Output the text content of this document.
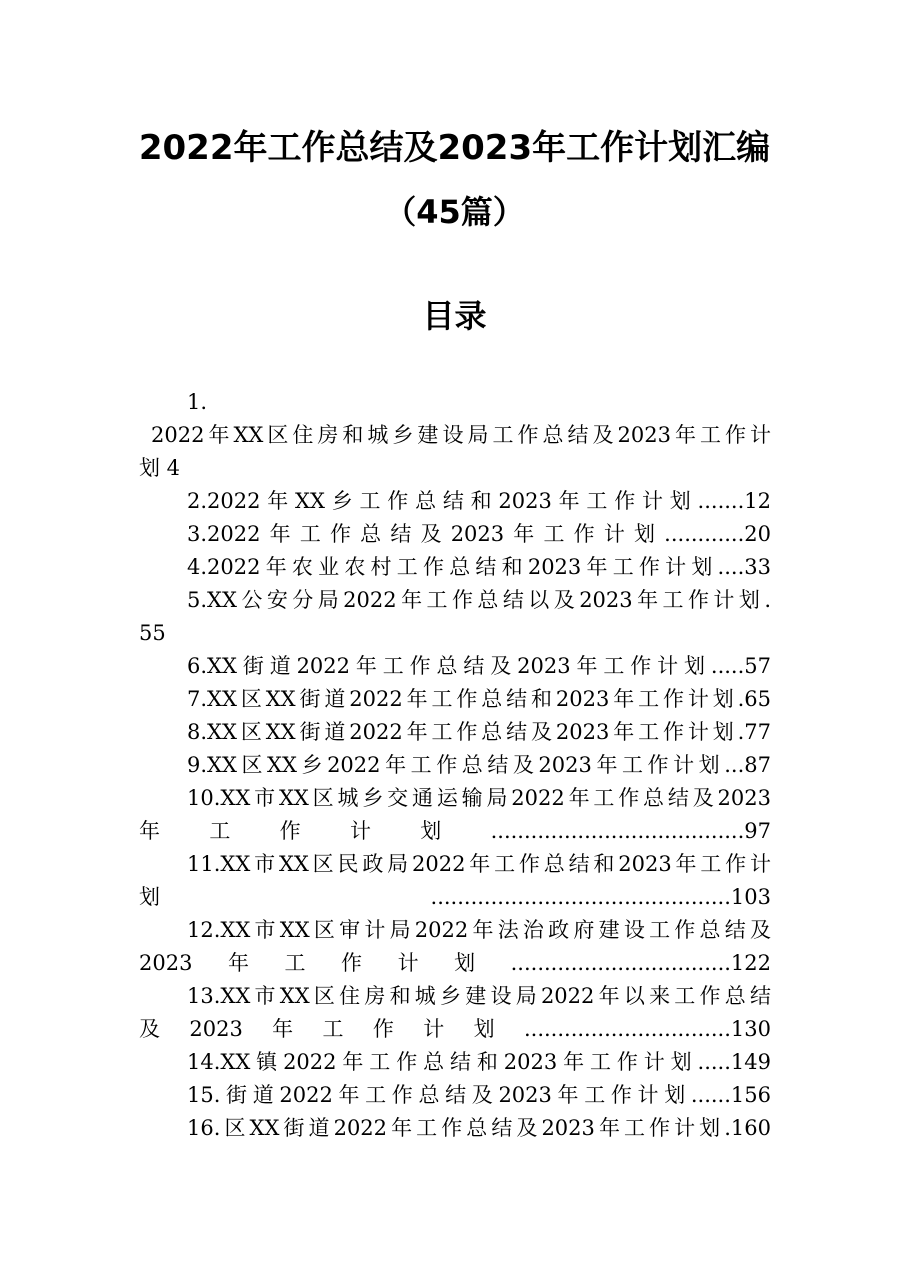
2022年工作总结及2023年工作计划汇编
（45篇）
目录

1.

2022年XX区住房和城乡建设局工作总结及2023年工作计

划 4

2.2022年XX乡工作总结和2023年工作计划.......12

3.2022年工作总结及2023年工作计划............20

4.2022年农业农村工作总结和2023年工作计划....33

5.XX公安分局2022年工作总结以及2023年工作计划.

55

6.XX街道2022年工作总结及2023年工作计划.....57

7.XX区XX街道2022年工作总结和2023年工作计划.65

8.XX区XX街道2022年工作总结及2023年工作计划.77

9.XX区XX乡2022年工作总结及2023年工作计划...87

10.XX市XX区城乡交通运输局2022年工作总结及2023

年工作计划......................................97

11.XX市XX区民政局2022年工作总结和2023年工作计

划.............................................103

12.XX市XX区审计局2022年法治政府建设工作总结及

2023年工作计划.................................122

13.XX市XX区住房和城乡建设局2022年以来工作总结

及2023年工作计划...............................130

14.XX镇2022年工作总结和2023年工作计划.....149

15.街道2022年工作总结及2023年工作计划......156

16.区XX街道2022年工作总结及2023年工作计划.160
